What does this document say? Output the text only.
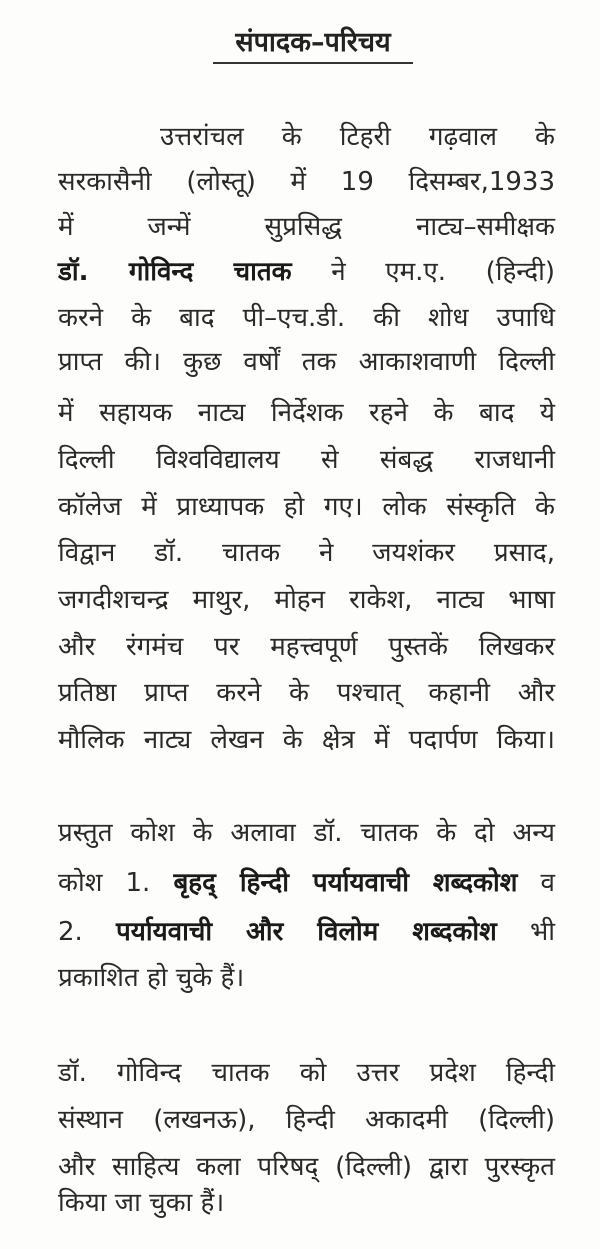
संपादक–परिचय
उत्तरांचल के टिहरी गढ़वाल के
सरकासैनी (लोस्तू) में 19 दिसम्बर,1933
में जन्में सुप्रसिद्ध नाट्य–समीक्षक
डॉ. गोविन्द चातक ने एम.ए. (हिन्दी)
करने के बाद पी–एच.डी. की शोध उपाधि
प्राप्त की। कुछ वर्षों तक आकाशवाणी दिल्ली
में सहायक नाट्य निर्देशक रहने के बाद ये
दिल्ली विश्वविद्यालय से संबद्ध राजधानी
कॉलेज में प्राध्यापक हो गए। लोक संस्कृति के
विद्वान डॉ. चातक ने जयशंकर प्रसाद,
जगदीशचन्द्र माथुर, मोहन राकेश, नाट्य भाषा
और रंगमंच पर महत्त्वपूर्ण पुस्तकें लिखकर
प्रतिष्ठा प्राप्त करने के पश्चात् कहानी और
मौलिक नाट्य लेखन के क्षेत्र में पदार्पण किया।
प्रस्तुत कोश के अलावा डॉ. चातक के दो अन्य
कोश 1. बृहद् हिन्दी पर्यायवाची शब्दकोश व
2. पर्यायवाची और विलोम शब्दकोश भी
प्रकाशित हो चुके हैं।
डॉ. गोविन्द चातक को उत्तर प्रदेश हिन्दी
संस्थान (लखनऊ), हिन्दी अकादमी (दिल्ली)
और साहित्य कला परिषद् (दिल्ली) द्वारा पुरस्कृत
किया जा चुका हैं।
